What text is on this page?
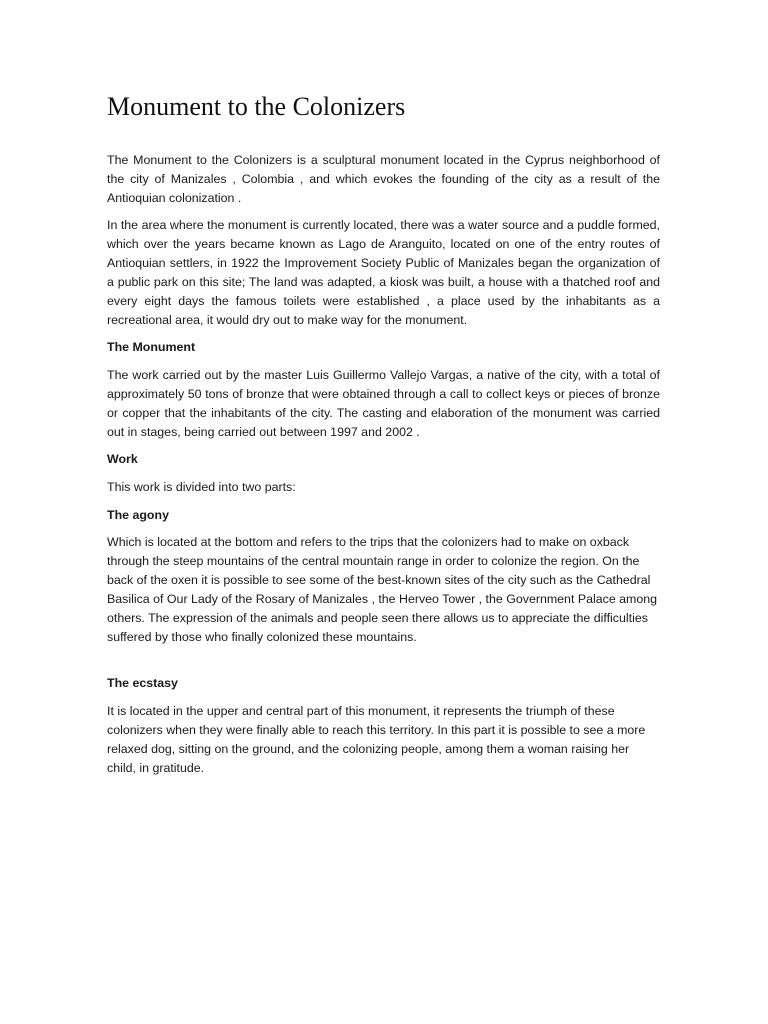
Monument to the Colonizers

The Monument to the Colonizers is a sculptural monument located in the Cyprus neighborhood of the city of Manizales , Colombia , and which evokes the founding of the city as a result of the Antioquian colonization .

In the area where the monument is currently located, there was a water source and a puddle formed, which over the years became known as Lago de Aranguito, located on one of the entry routes of Antioquian settlers, in 1922 the Improvement Society Public of Manizales began the organization of a public park on this site; The land was adapted, a kiosk was built, a house with a thatched roof and every eight days the famous toilets were established , a place used by the inhabitants as a recreational area, it would dry out to make way for the monument.

The Monument

The work carried out by the master Luis Guillermo Vallejo Vargas, a native of the city, with a total of approximately 50 tons of bronze that were obtained through a call to collect keys or pieces of bronze or copper that the inhabitants of the city. The casting and elaboration of the monument was carried out in stages, being carried out between 1997 and 2002 .

Work

This work is divided into two parts:

The agony

Which is located at the bottom and refers to the trips that the colonizers had to make on oxback through the steep mountains of the central mountain range in order to colonize the region. On the back of the oxen it is possible to see some of the best-known sites of the city such as the Cathedral Basilica of Our Lady of the Rosary of Manizales , the Herveo Tower , the Government Palace among others. The expression of the animals and people seen there allows us to appreciate the difficulties suffered by those who finally colonized these mountains.

The ecstasy

It is located in the upper and central part of this monument, it represents the triumph of these colonizers when they were finally able to reach this territory. In this part it is possible to see a more relaxed dog, sitting on the ground, and the colonizing people, among them a woman raising her child, in gratitude.
